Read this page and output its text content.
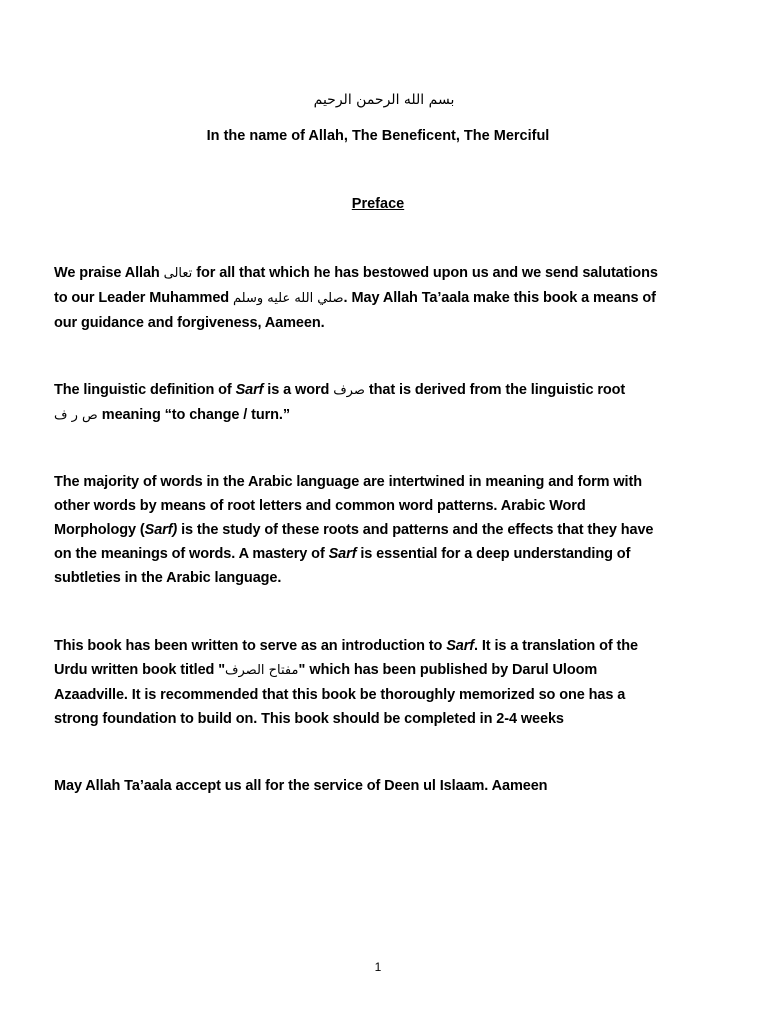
بسم الله الرحمن الرحيم
In the name of Allah, The Beneficent, The Merciful
Preface
We praise Allah تعالى for all that which he has bestowed upon us and we send salutations
to our Leader Muhammed صلي الله عليه وسلم. May Allah Ta’aala make this book a means of
our guidance and forgiveness, Aameen.
The linguistic definition of Sarf is a word صرف that is derived from the linguistic root
ص ر ف meaning “to change / turn.”
The majority of words in the Arabic language are intertwined in meaning and form with
other words by means of root letters and common word patterns. Arabic Word
Morphology (Sarf) is the study of these roots and patterns and the effects that they have
on the meanings of words. A mastery of Sarf is essential for a deep understanding of
subtleties in the Arabic language.
This book has been written to serve as an introduction to Sarf. It is a translation of the
Urdu written book titled "مفتاح الصرف" which has been published by Darul Uloom
Azaadville. It is recommended that this book be thoroughly memorized so one has a
strong foundation to build on. This book should be completed in 2-4 weeks
May Allah Ta’aala accept us all for the service of Deen ul Islaam. Aameen
1
